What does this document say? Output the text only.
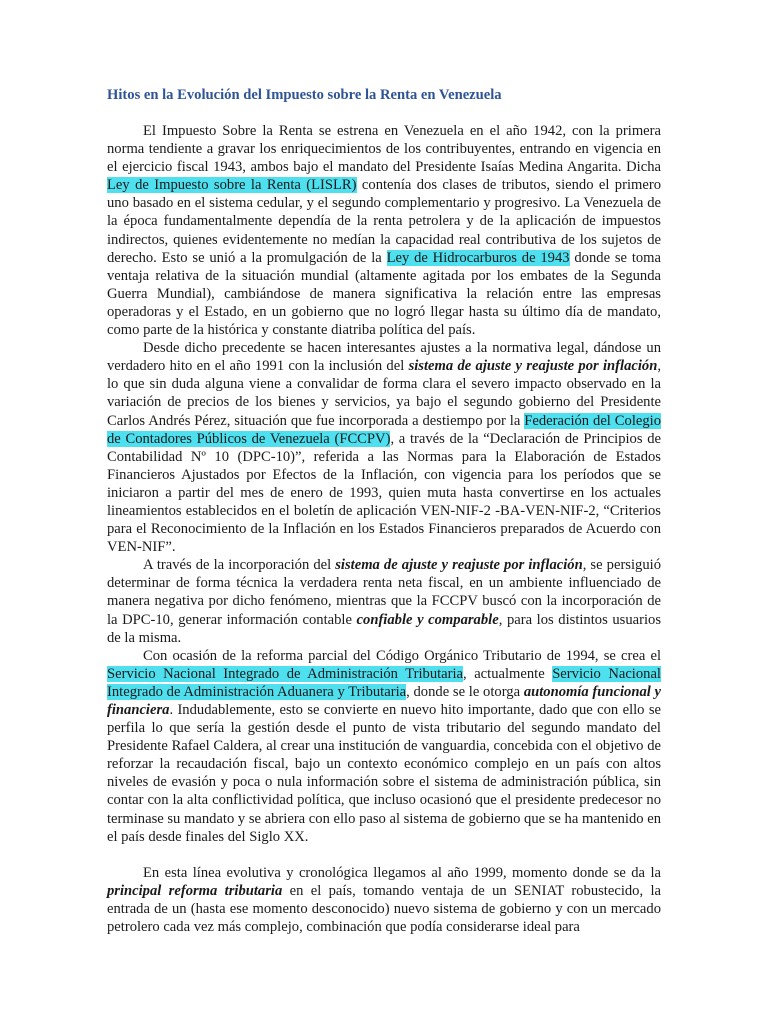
Hitos en la Evolución del Impuesto sobre la Renta en Venezuela

El Impuesto Sobre la Renta se estrena en Venezuela en el año 1942, con la primera norma tendiente a gravar los enriquecimientos de los contribuyentes, entrando en vigencia en el ejercicio fiscal 1943, ambos bajo el mandato del Presidente Isaías Medina Angarita. Dicha Ley de Impuesto sobre la Renta (LISLR) contenía dos clases de tributos, siendo el primero uno basado en el sistema cedular, y el segundo complementario y progresivo. La Venezuela de la época fundamentalmente dependía de la renta petrolera y de la aplicación de impuestos indirectos, quienes evidentemente no medían la capacidad real contributiva de los sujetos de derecho. Esto se unió a la promulgación de la Ley de Hidrocarburos de 1943 donde se toma ventaja relativa de la situación mundial (altamente agitada por los embates de la Segunda Guerra Mundial), cambiándose de manera significativa la relación entre las empresas operadoras y el Estado, en un gobierno que no logró llegar hasta su último día de mandato, como parte de la histórica y constante diatriba política del país.

Desde dicho precedente se hacen interesantes ajustes a la normativa legal, dándose un verdadero hito en el año 1991 con la inclusión del sistema de ajuste y reajuste por inflación, lo que sin duda alguna viene a convalidar de forma clara el severo impacto observado en la variación de precios de los bienes y servicios, ya bajo el segundo gobierno del Presidente Carlos Andrés Pérez, situación que fue incorporada a destiempo por la Federación del Colegio de Contadores Públicos de Venezuela (FCCPV), a través de la “Declaración de Principios de Contabilidad Nº 10 (DPC-10)”, referida a las Normas para la Elaboración de Estados Financieros Ajustados por Efectos de la Inflación, con vigencia para los períodos que se iniciaron a partir del mes de enero de 1993, quien muta hasta convertirse en los actuales lineamientos establecidos en el boletín de aplicación VEN-NIF-2 -BA-VEN-NIF-2, “Criterios para el Reconocimiento de la Inflación en los Estados Financieros preparados de Acuerdo con VEN-NIF”.

A través de la incorporación del sistema de ajuste y reajuste por inflación, se persiguió determinar de forma técnica la verdadera renta neta fiscal, en un ambiente influenciado de manera negativa por dicho fenómeno, mientras que la FCCPV buscó con la incorporación de la DPC-10, generar información contable confiable y comparable, para los distintos usuarios de la misma.

Con ocasión de la reforma parcial del Código Orgánico Tributario de 1994, se crea el Servicio Nacional Integrado de Administración Tributaria, actualmente Servicio Nacional Integrado de Administración Aduanera y Tributaria, donde se le otorga autonomía funcional y financiera. Indudablemente, esto se convierte en nuevo hito importante, dado que con ello se perfila lo que sería la gestión desde el punto de vista tributario del segundo mandato del Presidente Rafael Caldera, al crear una institución de vanguardia, concebida con el objetivo de reforzar la recaudación fiscal, bajo un contexto económico complejo en un país con altos niveles de evasión y poca o nula información sobre el sistema de administración pública, sin contar con la alta conflictividad política, que incluso ocasionó que el presidente predecesor no terminase su mandato y se abriera con ello paso al sistema de gobierno que se ha mantenido en el país desde finales del Siglo XX.

En esta línea evolutiva y cronológica llegamos al año 1999, momento donde se da la principal reforma tributaria en el país, tomando ventaja de un SENIAT robustecido, la entrada de un (hasta ese momento desconocido) nuevo sistema de gobierno y con un mercado petrolero cada vez más complejo, combinación que podía considerarse ideal para
